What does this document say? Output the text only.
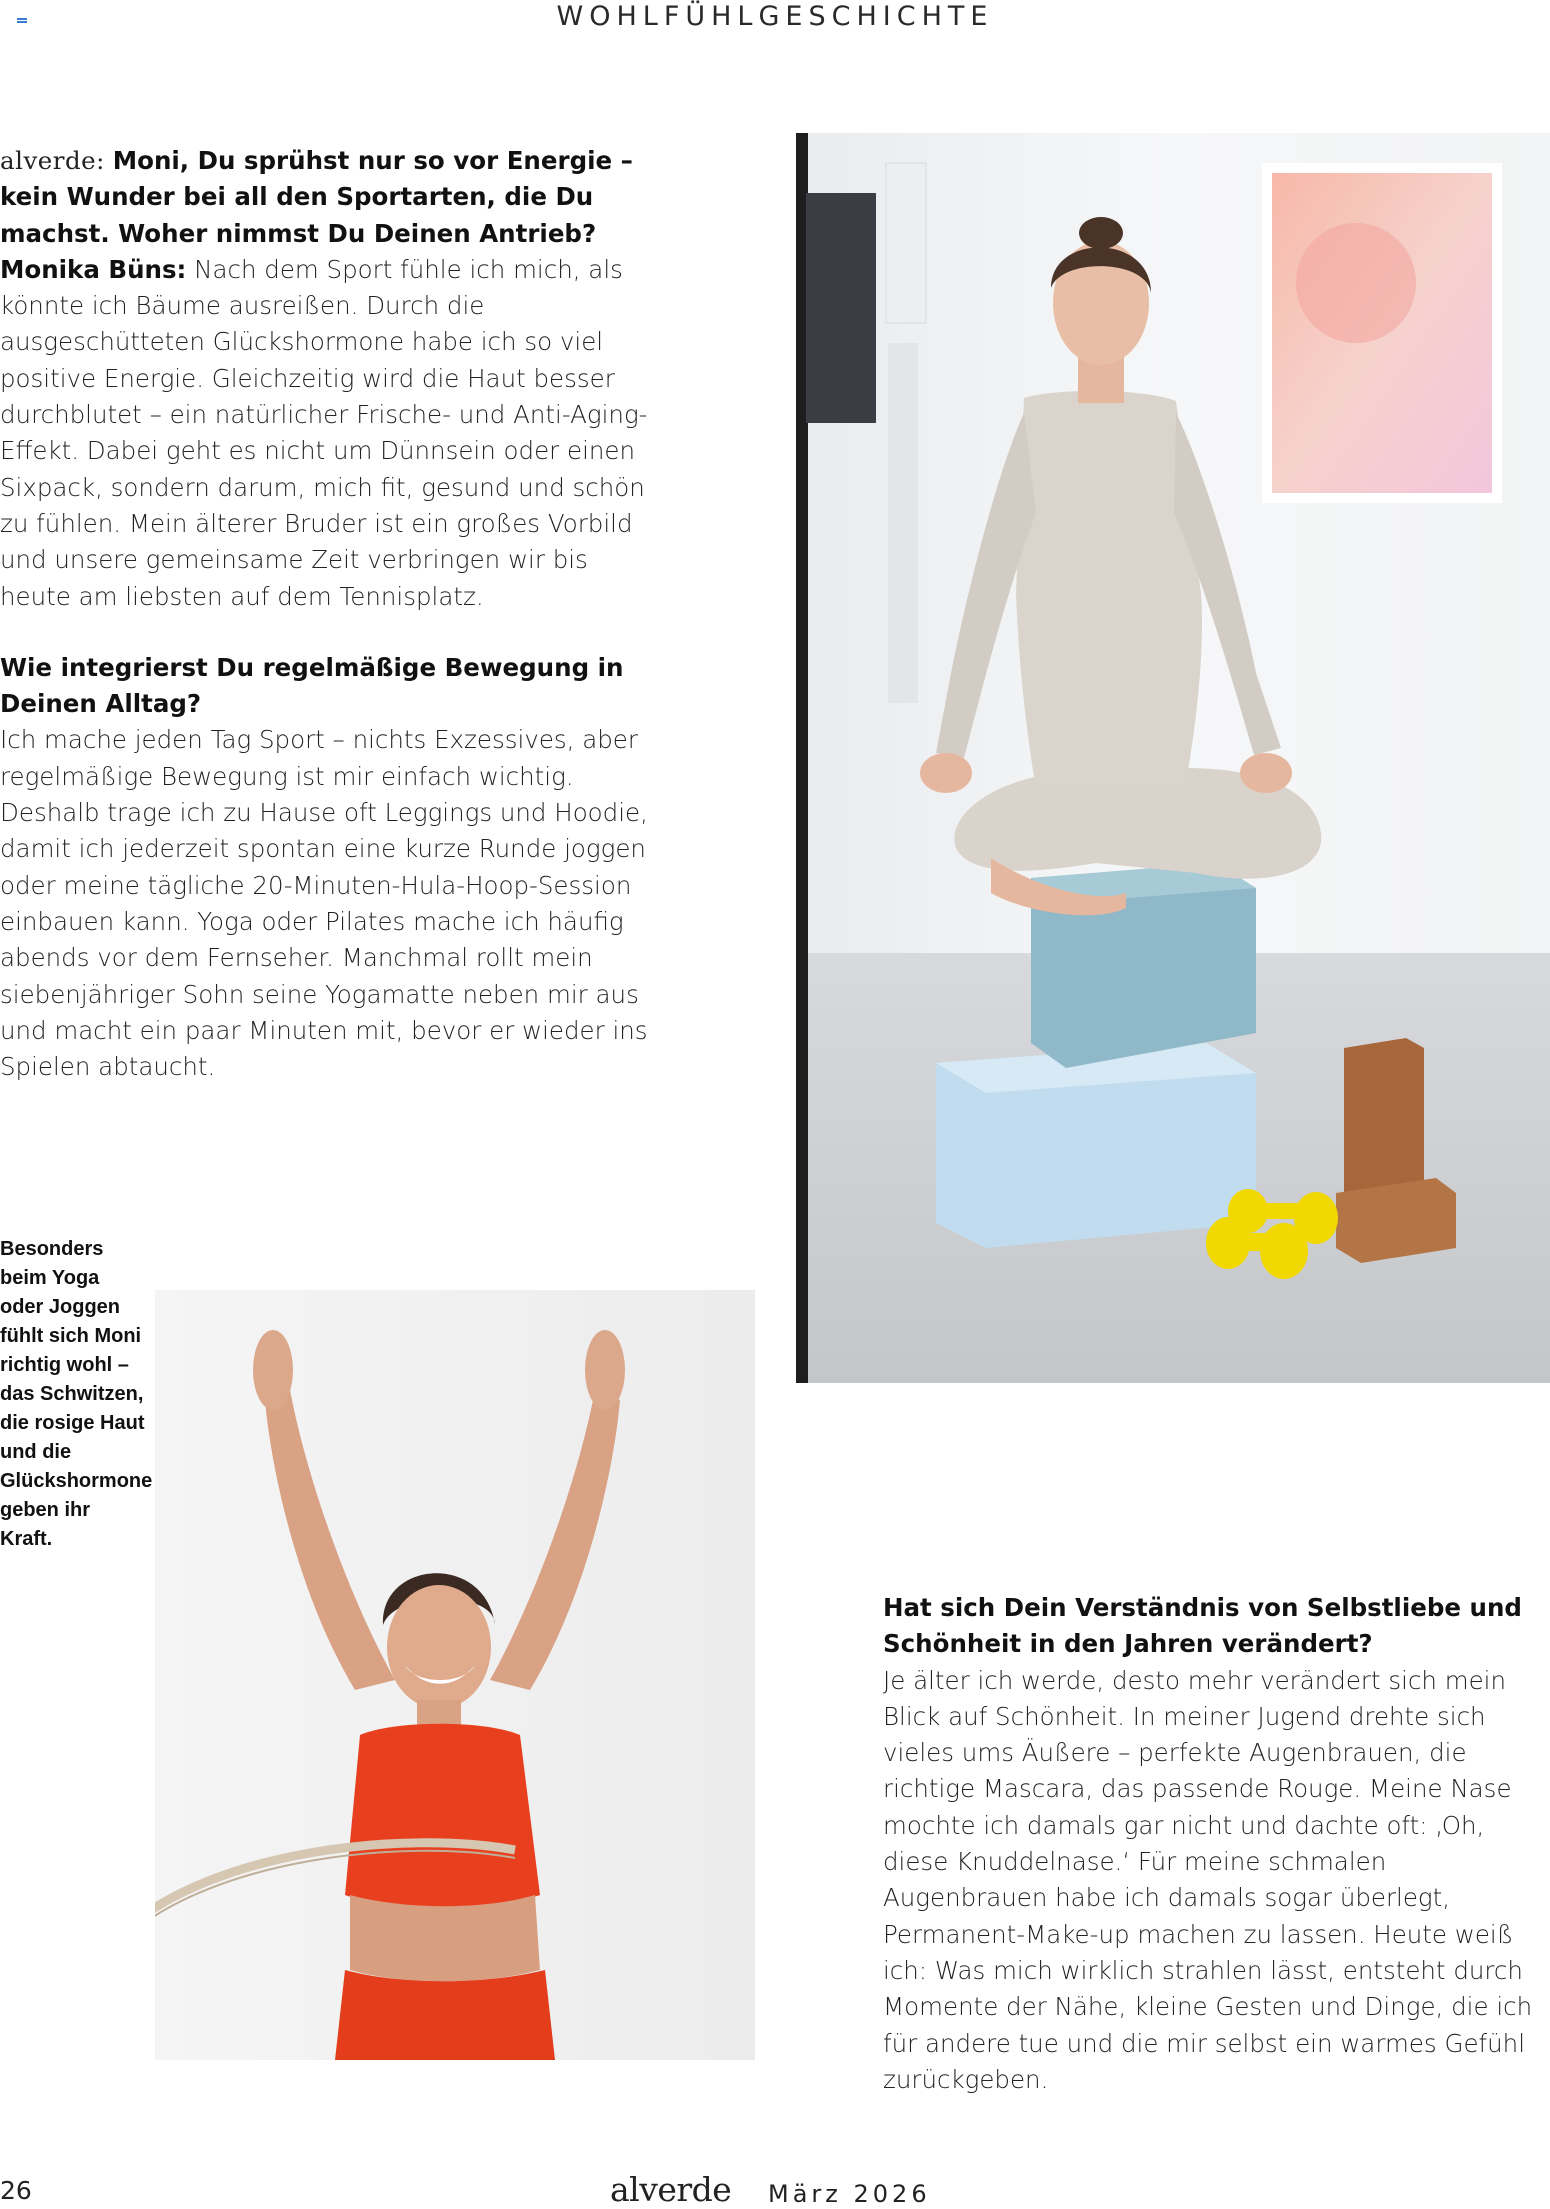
WOHLFÜHLGESCHICHTE

alverde: Moni, Du sprühst nur so vor Energie – kein Wunder bei all den Sportarten, die Du machst. Woher nimmst Du Deinen Antrieb?

Monika Büns: Nach dem Sport fühle ich mich, als könnte ich Bäume ausreißen. Durch die ausgeschütteten Glückshormone habe ich so viel positive Energie. Gleichzeitig wird die Haut besser durchblutet – ein natürlicher Frische- und Anti-Aging-Effekt. Dabei geht es nicht um Dünnsein oder einen Sixpack, sondern darum, mich fit, gesund und schön zu fühlen. Mein älterer Bruder ist ein großes Vorbild und unsere gemeinsame Zeit verbringen wir bis heute am liebsten auf dem Tennisplatz.

Wie integrierst Du regelmäßige Bewegung in Deinen Alltag?

Ich mache jeden Tag Sport – nichts Exzessives, aber regelmäßige Bewegung ist mir einfach wichtig. Deshalb trage ich zu Hause oft Leggings und Hoodie, damit ich jederzeit spontan eine kurze Runde joggen oder meine tägliche 20-Minuten-Hula-Hoop-Session einbauen kann. Yoga oder Pilates mache ich häufig abends vor dem Fernseher. Manchmal rollt mein siebenjähriger Sohn seine Yogamatte neben mir aus und macht ein paar Minuten mit, bevor er wieder ins Spielen abtaucht.

Besonders beim Yoga oder Joggen fühlt sich Moni richtig wohl – das Schwitzen, die rosige Haut und die Glückshormone geben ihr Kraft.

Hat sich Dein Verständnis von Selbstliebe und Schönheit in den Jahren verändert?

Je älter ich werde, desto mehr verändert sich mein Blick auf Schönheit. In meiner Jugend drehte sich vieles ums Äußere – perfekte Augenbrauen, die richtige Mascara, das passende Rouge. Meine Nase mochte ich damals gar nicht und dachte oft: ‚Oh, diese Knuddelnase.‘ Für meine schmalen Augenbrauen habe ich damals sogar überlegt, Permanent-Make-up machen zu lassen. Heute weiß ich: Was mich wirklich strahlen lässt, entsteht durch Momente der Nähe, kleine Gesten und Dinge, die ich für andere tue und die mir selbst ein warmes Gefühl zurückgeben.

26	alverde März 2026
